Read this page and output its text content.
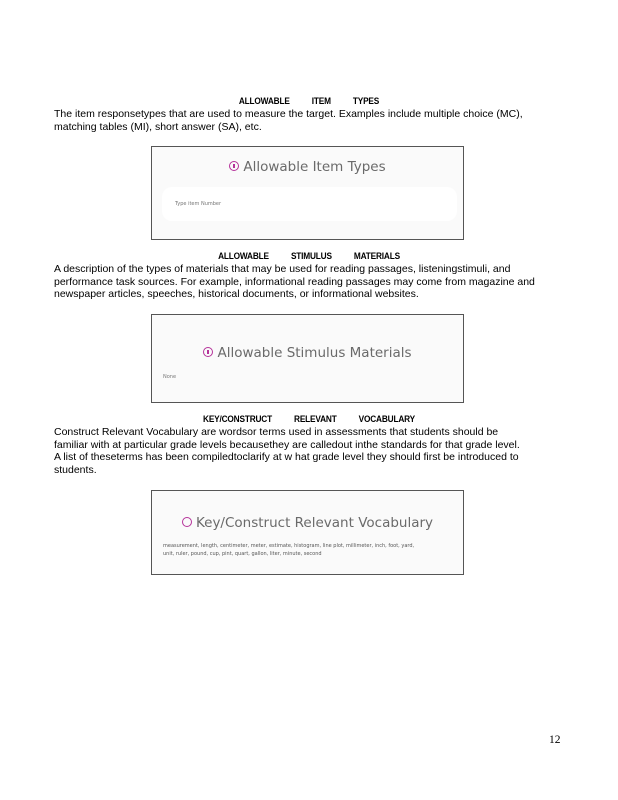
ALLOWABLE ITEM TYPES

The item responsetypes that are used to measure the target. Examples include multiple choice (MC),

matching tables (MI), short answer (SA), etc.

Allowable Item Types
Type item Number
ALLOWABLE STIMULUS MATERIALS

A description of the types of materials that may be used for reading passages, listeningstimuli, and

performance task sources. For example, informational reading passages may come from magazine and

newspaper articles, speeches, historical documents, or informational websites.

Allowable Stimulus Materials
None
KEY/CONSTRUCT RELEVANT VOCABULARY

Construct Relevant Vocabulary are wordsor terms used in assessments that students should be

familiar with at particular grade levels becausethey are calledout inthe standards for that grade level.

A list of theseterms has been compiledtoclarify at w hat grade level they should first be introduced to

students.

Key/Construct Relevant Vocabulary
measurement, length, centimeter, meter, estimate, histogram, line plot, millimeter, inch, foot, yard,
unit, ruler, pound, cup, pint, quart, gallon, liter, minute, second
12
